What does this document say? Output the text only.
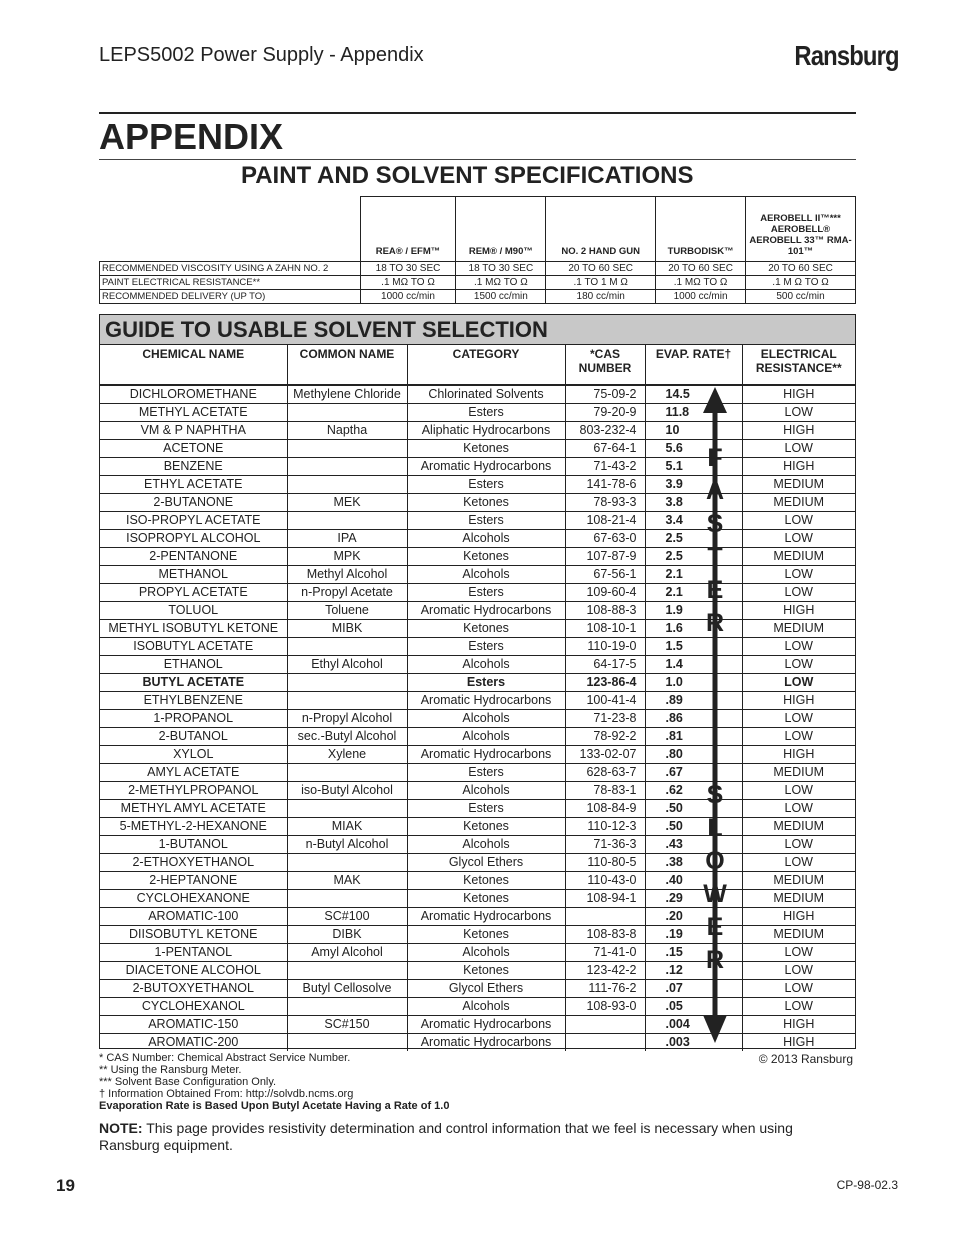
LEPS5002 Power Supply - Appendix	Ransburg
APPENDIX
PAINT AND SOLVENT SPECIFICATIONS
	REA® / EFM™	REM® / M90™	NO. 2 HAND GUN	TURBODISK™	AEROBELL II™*** AEROBELL® AEROBELL 33™ RMA-101™
RECOMMENDED VISCOSITY USING A ZAHN NO. 2	18 TO 30 SEC	18 TO 30 SEC	20 TO 60 SEC	20 TO 60 SEC	20 TO 60 SEC
PAINT ELECTRICAL RESISTANCE**	.1 MΩ TO Ω	.1 MΩ TO Ω	.1 TO 1 M Ω	.1 MΩ TO Ω	.1 M Ω TO Ω
RECOMMENDED DELIVERY (UP TO)	1000 cc/min	1500 cc/min	180 cc/min	1000 cc/min	500 cc/min
GUIDE TO USABLE SOLVENT SELECTION
CHEMICAL NAME	COMMON NAME	CATEGORY	*CAS NUMBER	EVAP. RATE†		ELECTRICAL RESISTANCE**
DICHLOROMETHANE	Methylene Chloride	Chlorinated Solvents	75-09-2	14.5		HIGH
METHYL ACETATE		Esters	79-20-9	11.8		LOW
VM & P NAPHTHA	Naptha	Aliphatic Hydrocarbons	803-232-4	10		HIGH
ACETONE		Ketones	67-64-1	5.6		LOW
BENZENE		Aromatic Hydrocarbons	71-43-2	5.1		HIGH
ETHYL ACETATE		Esters	141-78-6	3.9		MEDIUM
2-BUTANONE	MEK	Ketones	78-93-3	3.8		MEDIUM
ISO-PROPYL ACETATE		Esters	108-21-4	3.4		LOW
ISOPROPYL ALCOHOL	IPA	Alcohols	67-63-0	2.5		LOW
2-PENTANONE	MPK	Ketones	107-87-9	2.5		MEDIUM
METHANOL	Methyl Alcohol	Alcohols	67-56-1	2.1		LOW
PROPYL ACETATE	n-Propyl Acetate	Esters	109-60-4	2.1		LOW
TOLUOL	Toluene	Aromatic Hydrocarbons	108-88-3	1.9		HIGH
METHYL ISOBUTYL KETONE	MIBK	Ketones	108-10-1	1.6		MEDIUM
ISOBUTYL ACETATE		Esters	110-19-0	1.5		LOW
ETHANOL	Ethyl Alcohol	Alcohols	64-17-5	1.4		LOW
BUTYL ACETATE		Esters	123-86-4	1.0		LOW
ETHYLBENZENE		Aromatic Hydrocarbons	100-41-4	.89		HIGH
1-PROPANOL	n-Propyl Alcohol	Alcohols	71-23-8	.86		LOW
2-BUTANOL	sec.-Butyl Alcohol	Alcohols	78-92-2	.81		LOW
XYLOL	Xylene	Aromatic Hydrocarbons	133-02-07	.80		HIGH
AMYL ACETATE		Esters	628-63-7	.67		MEDIUM
2-METHYLPROPANOL	iso-Butyl Alcohol	Alcohols	78-83-1	.62		LOW
METHYL AMYL ACETATE		Esters	108-84-9	.50		LOW
5-METHYL-2-HEXANONE	MIAK	Ketones	110-12-3	.50		MEDIUM
1-BUTANOL	n-Butyl Alcohol	Alcohols	71-36-3	.43		LOW
2-ETHOXYETHANOL		Glycol Ethers	110-80-5	.38		LOW
2-HEPTANONE	MAK	Ketones	110-43-0	.40		MEDIUM
CYCLOHEXANONE		Ketones	108-94-1	.29		MEDIUM
AROMATIC-100	SC#100	Aromatic Hydrocarbons		.20		HIGH
DIISOBUTYL KETONE	DIBK	Ketones	108-83-8	.19		MEDIUM
1-PENTANOL	Amyl Alcohol	Alcohols	71-41-0	.15		LOW
DIACETONE ALCOHOL		Ketones	123-42-2	.12		LOW
2-BUTOXYETHANOL	Butyl Cellosolve	Glycol Ethers	111-76-2	.07		LOW
CYCLOHEXANOL		Alcohols	108-93-0	.05		LOW
AROMATIC-150	SC#150	Aromatic Hydrocarbons		.004		HIGH
AROMATIC-200		Aromatic Hydrocarbons		.003		HIGH
F
A
S
T
E
R
S
L
O
W
E
R
* CAS Number: Chemical Abstract Service Number.
** Using the Ransburg Meter.
*** Solvent Base Configuration Only.
† Information Obtained From: http://solvdb.ncms.org
Evaporation Rate is Based Upon Butyl Acetate Having a Rate of 1.0
© 2013 Ransburg
NOTE: This page provides resistivity determination and control information that we feel is necessary when using Ransburg equipment.
19	CP-98-02.3
